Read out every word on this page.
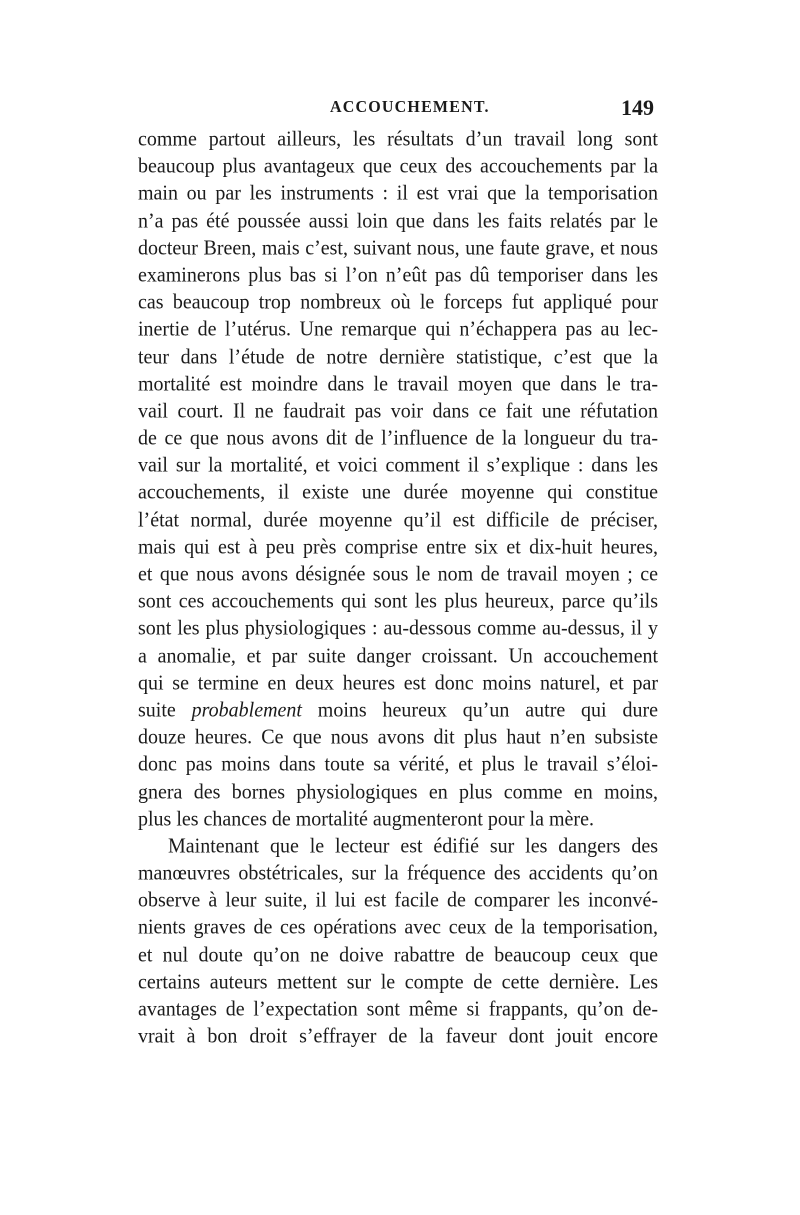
ACCOUCHEMENT.	149
comme partout ailleurs, les résultats d’un travail long sont
beaucoup plus avantageux que ceux des accouchements par la
main ou par les instruments : il est vrai que la temporisation
n’a pas été poussée aussi loin que dans les faits relatés par le
docteur Breen, mais c’est, suivant nous, une faute grave, et nous
examinerons plus bas si l’on n’eût pas dû temporiser dans les
cas beaucoup trop nombreux où le forceps fut appliqué pour
inertie de l’utérus. Une remarque qui n’échappera pas au lec-
teur dans l’étude de notre dernière statistique, c’est que la
mortalité est moindre dans le travail moyen que dans le tra-
vail court. Il ne faudrait pas voir dans ce fait une réfutation
de ce que nous avons dit de l’influence de la longueur du tra-
vail sur la mortalité, et voici comment il s’explique : dans les
accouchements, il existe une durée moyenne qui constitue
l’état normal, durée moyenne qu’il est difficile de préciser,
mais qui est à peu près comprise entre six et dix-huit heures,
et que nous avons désignée sous le nom de travail moyen ; ce
sont ces accouchements qui sont les plus heureux, parce qu’ils
sont les plus physiologiques : au-dessous comme au-dessus, il y
a anomalie, et par suite danger croissant. Un accouchement
qui se termine en deux heures est donc moins naturel, et par
suite probablement moins heureux qu’un autre qui dure
douze heures. Ce que nous avons dit plus haut n’en subsiste
donc pas moins dans toute sa vérité, et plus le travail s’éloi-
gnera des bornes physiologiques en plus comme en moins,
plus les chances de mortalité augmenteront pour la mère.
Maintenant que le lecteur est édifié sur les dangers des
manœuvres obstétricales, sur la fréquence des accidents qu’on
observe à leur suite, il lui est facile de comparer les inconvé-
nients graves de ces opérations avec ceux de la temporisation,
et nul doute qu’on ne doive rabattre de beaucoup ceux que
certains auteurs mettent sur le compte de cette dernière. Les
avantages de l’expectation sont même si frappants, qu’on de-
vrait à bon droit s’effrayer de la faveur dont jouit encore
